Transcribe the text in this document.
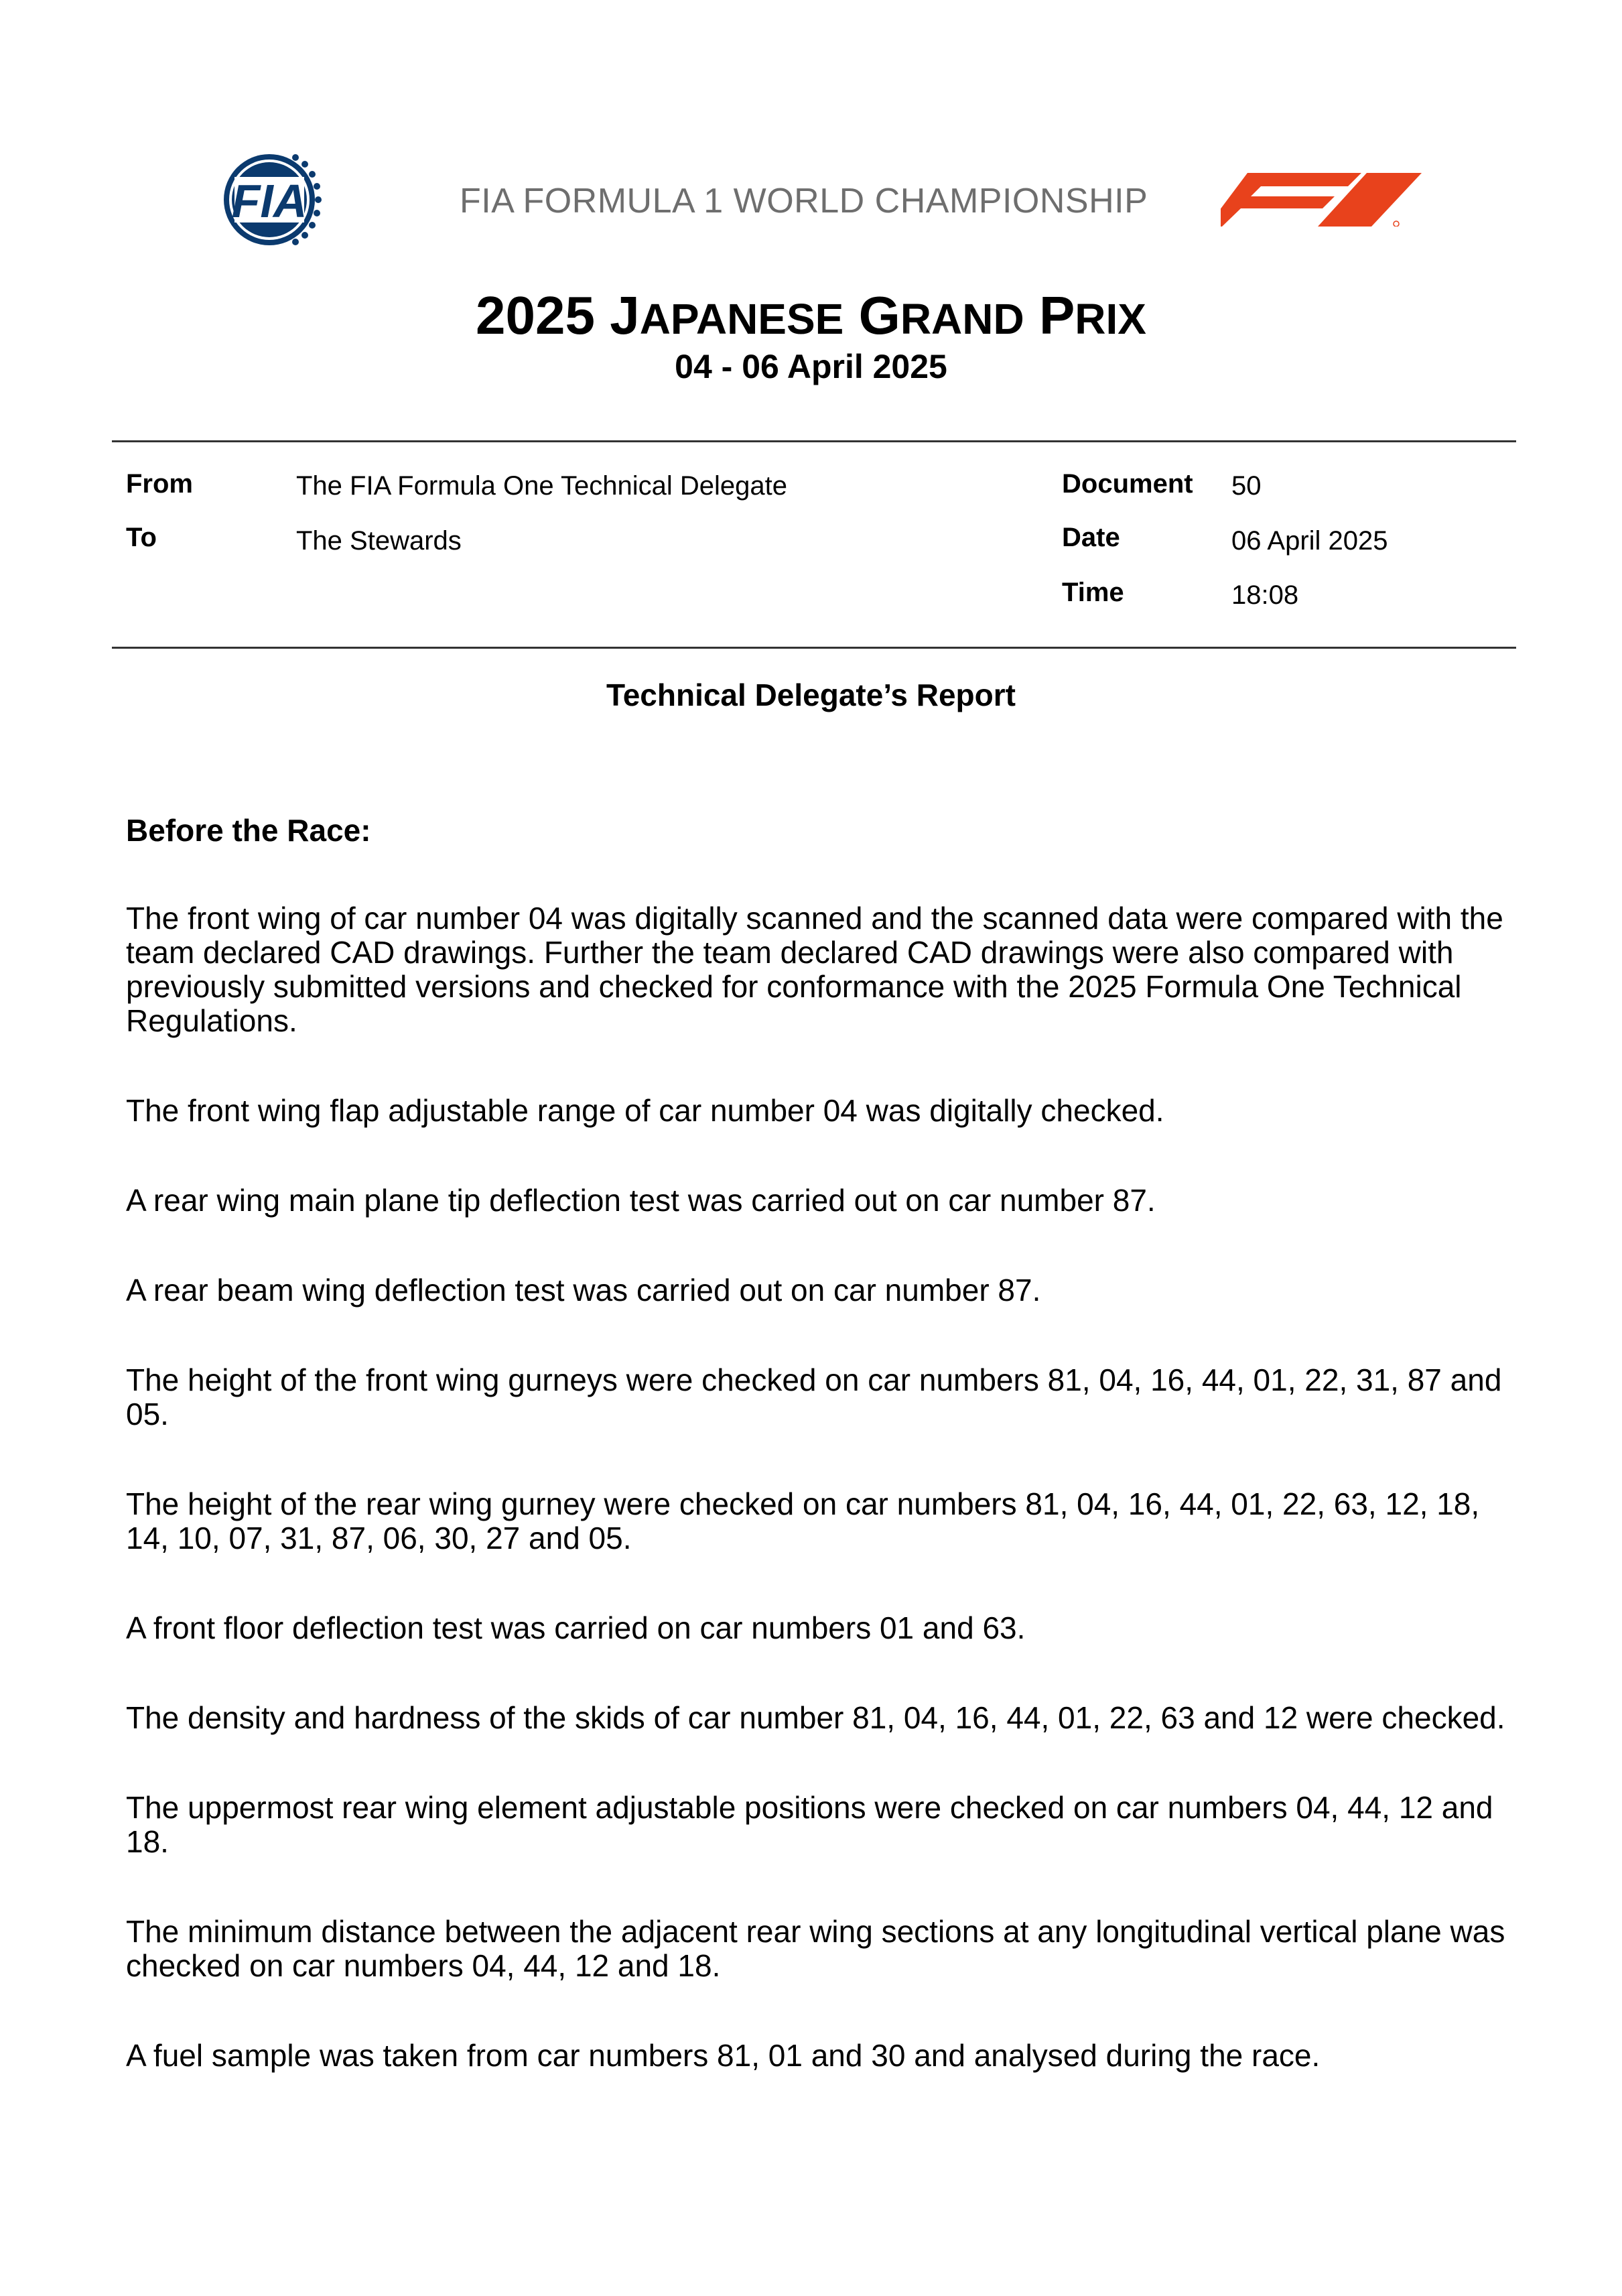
FIA	FIA FORMULA 1 WORLD CHAMPIONSHIP
2025 JAPANESE GRAND PRIX
04 - 06 April 2025
From	The FIA Formula One Technical Delegate
To	The Stewards
Document 50
Date	06 April 2025
Time	18:08
Technical Delegate’s Report
Before the Race:

The front wing of car number 04 was digitally scanned and the scanned data were compared with the team declared CAD drawings. Further the team declared CAD drawings were also compared with previously submitted versions and checked for conformance with the 2025 Formula One Technical Regulations.

The front wing flap adjustable range of car number 04 was digitally checked.

A rear wing main plane tip deflection test was carried out on car number 87.

A rear beam wing deflection test was carried out on car number 87.

The height of the front wing gurneys were checked on car numbers 81, 04, 16, 44, 01, 22, 31, 87 and 05.

The height of the rear wing gurney were checked on car numbers 81, 04, 16, 44, 01, 22, 63, 12, 18, 14, 10, 07, 31, 87, 06, 30, 27 and 05.

A front floor deflection test was carried on car numbers 01 and 63.

The density and hardness of the skids of car number 81, 04, 16, 44, 01, 22, 63 and 12 were checked.

The uppermost rear wing element adjustable positions were checked on car numbers 04, 44, 12 and 18.

The minimum distance between the adjacent rear wing sections at any longitudinal vertical plane was checked on car numbers 04, 44, 12 and 18.

A fuel sample was taken from car numbers 81, 01 and 30 and analysed during the race.
